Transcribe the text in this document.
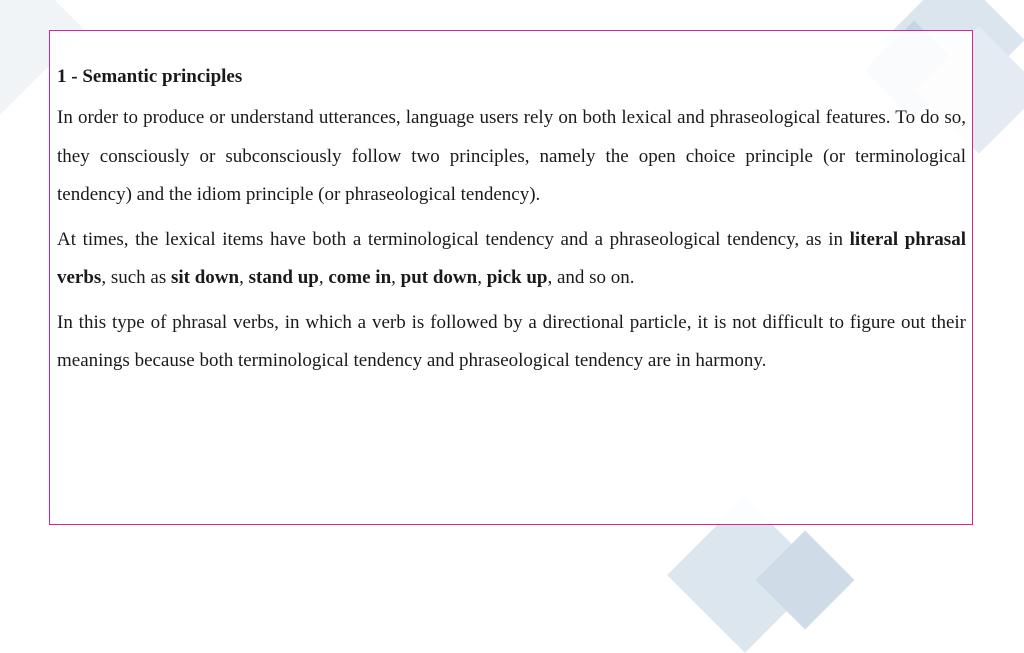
1 - Semantic principles

In order to produce or understand utterances, language users rely on both lexical and phraseological features. To do so, they consciously or subconsciously follow two principles, namely the open choice principle (or terminological tendency) and the idiom principle (or phraseological tendency).

At times, the lexical items have both a terminological tendency and a phraseological tendency, as in literal phrasal verbs, such as sit down, stand up, come in, put down, pick up, and so on.

In this type of phrasal verbs, in which a verb is followed by a directional particle, it is not difficult to figure out their meanings because both terminological tendency and phraseological tendency are in harmony.
